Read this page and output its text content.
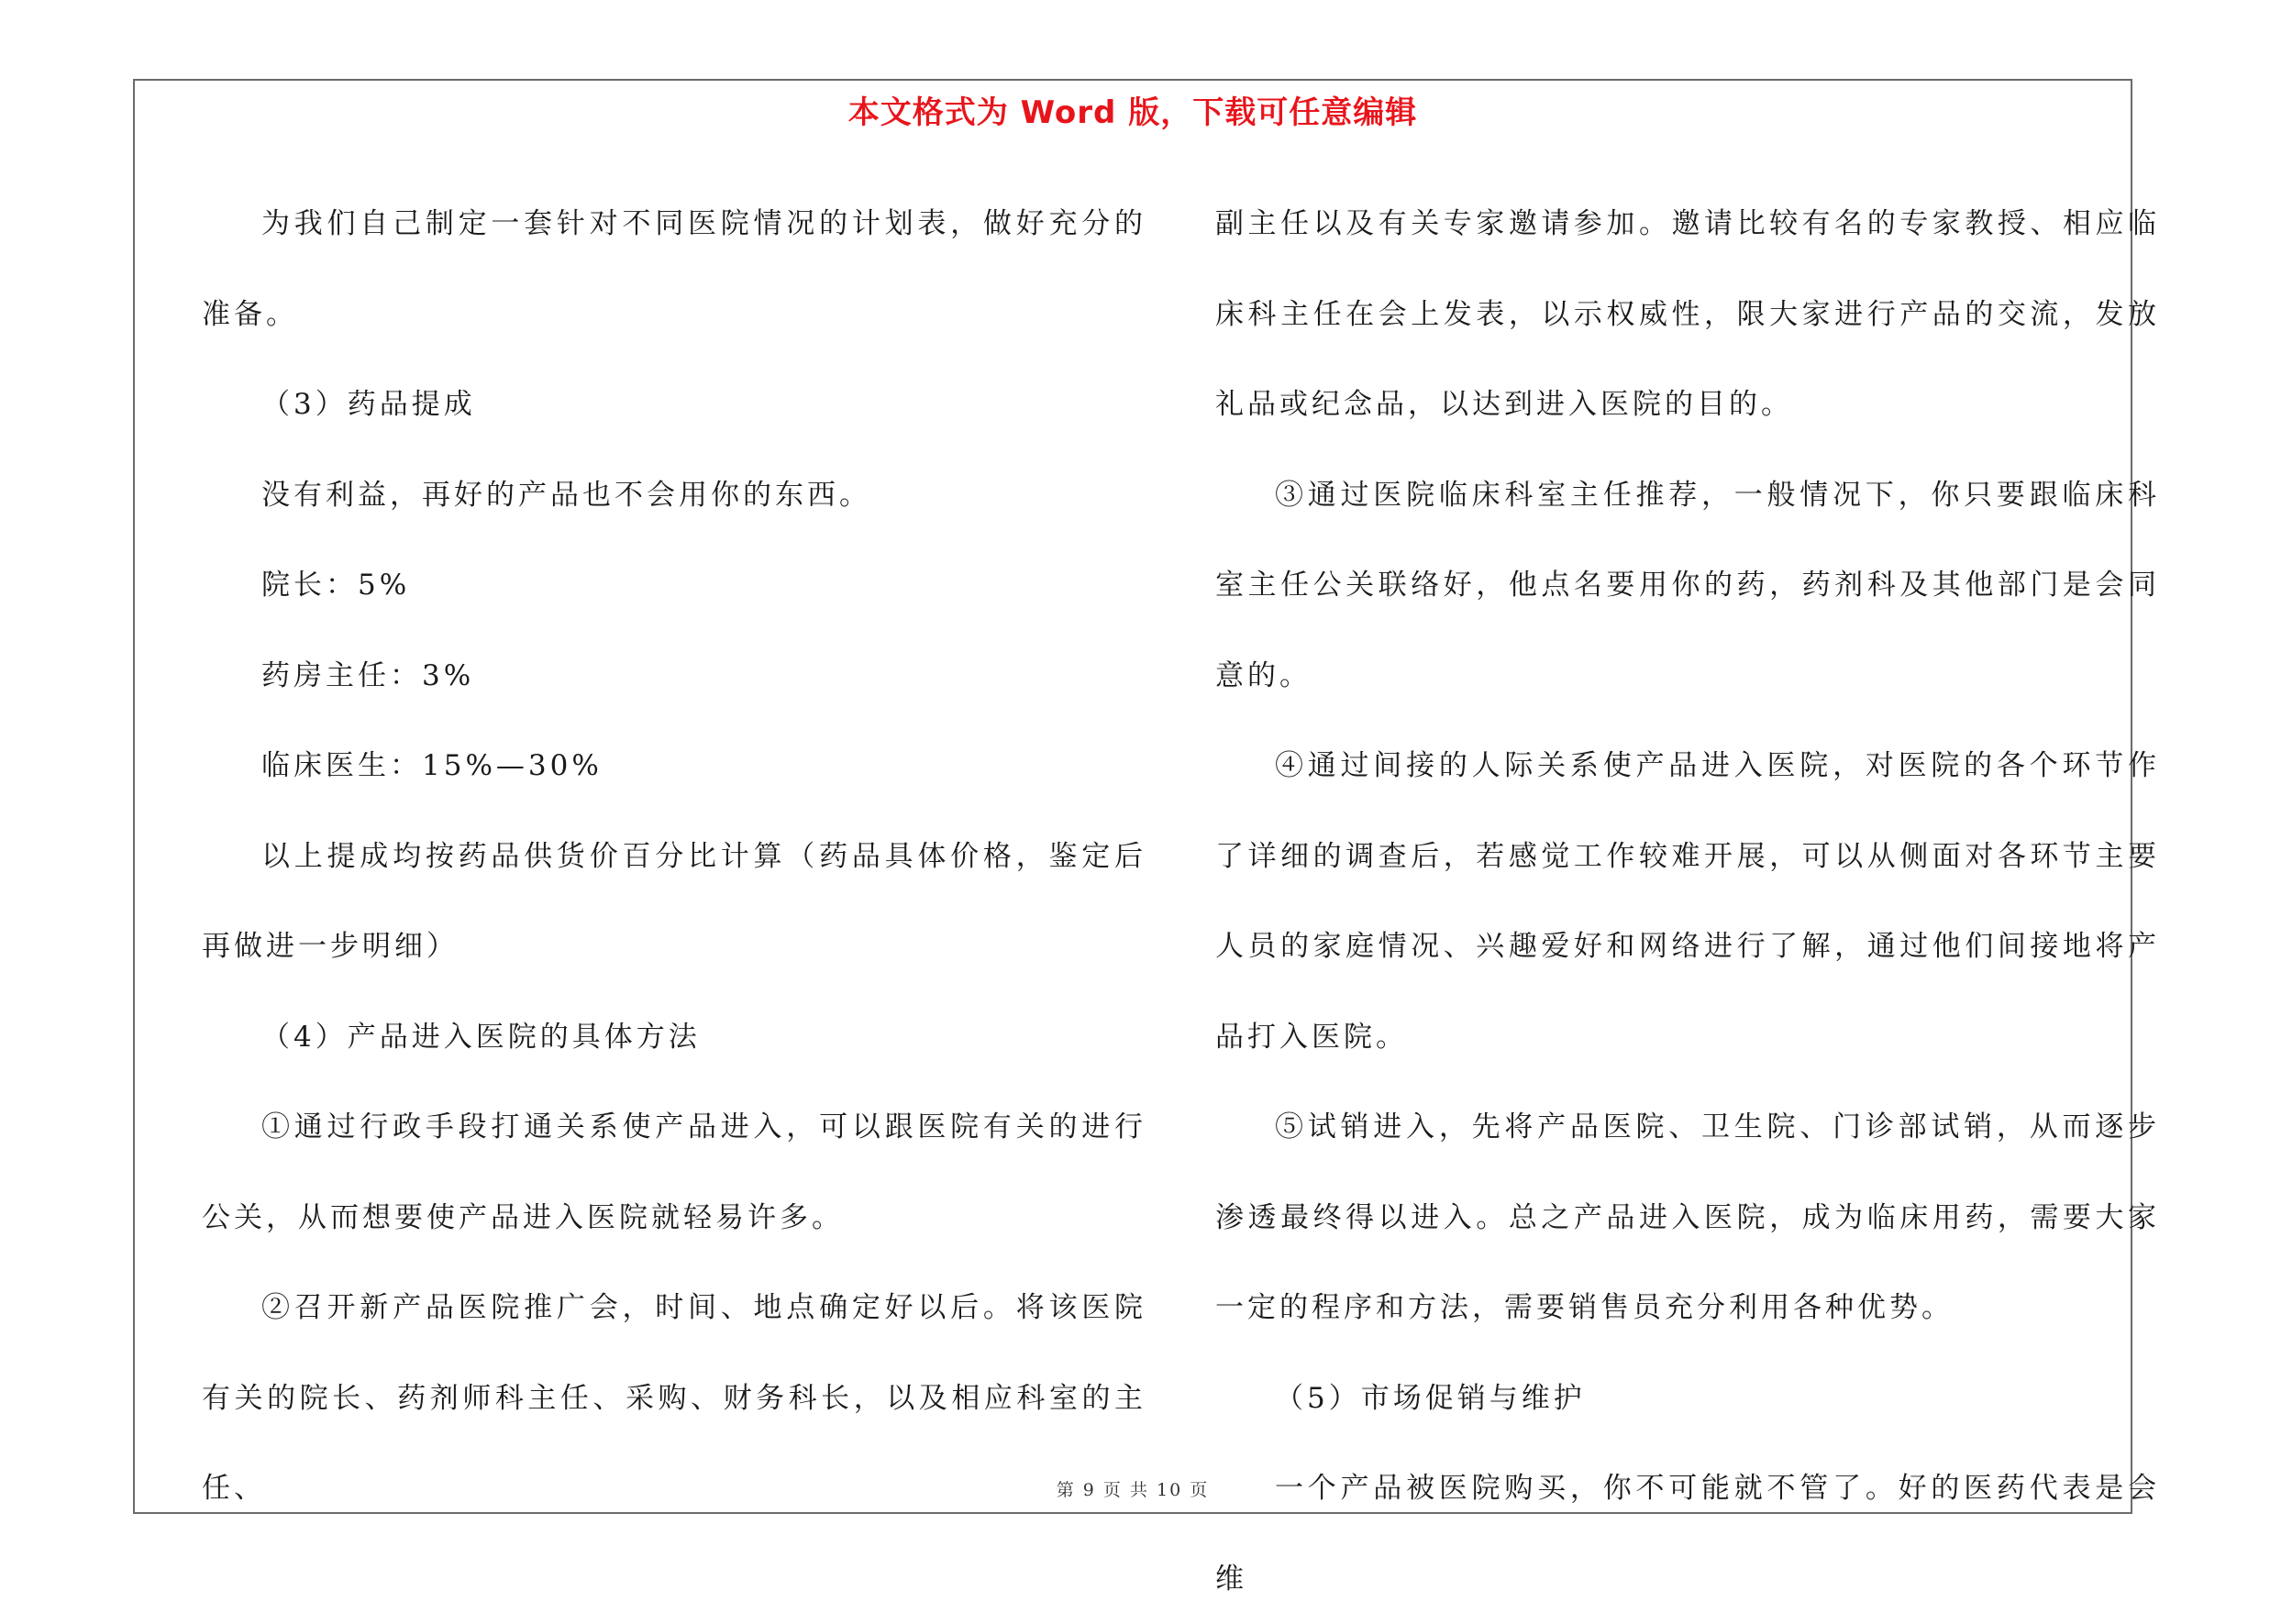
本文格式为 Word 版，下载可任意编辑

为我们自己制定一套针对不同医院情况的计划表，做好充分的准备。

（3）药品提成

没有利益，再好的产品也不会用你的东西。

院长：5%

药房主任：3%

临床医生：15%—30%

以上提成均按药品供货价百分比计算（药品具体价格，鉴定后再做进一步明细）

（4）产品进入医院的具体方法

①通过行政手段打通关系使产品进入，可以跟医院有关的进行公关，从而想要使产品进入医院就轻易许多。

②召开新产品医院推广会，时间、地点确定好以后。将该医院有关的院长、药剂师科主任、采购、财务科长，以及相应科室的主任、

副主任以及有关专家邀请参加。邀请比较有名的专家教授、相应临床科主任在会上发表，以示权威性，限大家进行产品的交流，发放礼品或纪念品，以达到进入医院的目的。

③通过医院临床科室主任推荐，一般情况下，你只要跟临床科室主任公关联络好，他点名要用你的药，药剂科及其他部门是会同意的。

④通过间接的人际关系使产品进入医院，对医院的各个环节作了详细的调查后，若感觉工作较难开展，可以从侧面对各环节主要人员的家庭情况、兴趣爱好和网络进行了解，通过他们间接地将产品打入医院。

⑤试销进入，先将产品医院、卫生院、门诊部试销，从而逐步渗透最终得以进入。总之产品进入医院，成为临床用药，需要大家一定的程序和方法，需要销售员充分利用各种优势。

（5）市场促销与维护

一个产品被医院购买，你不可能就不管了。好的医药代表是会维

第 9 页 共 10 页
